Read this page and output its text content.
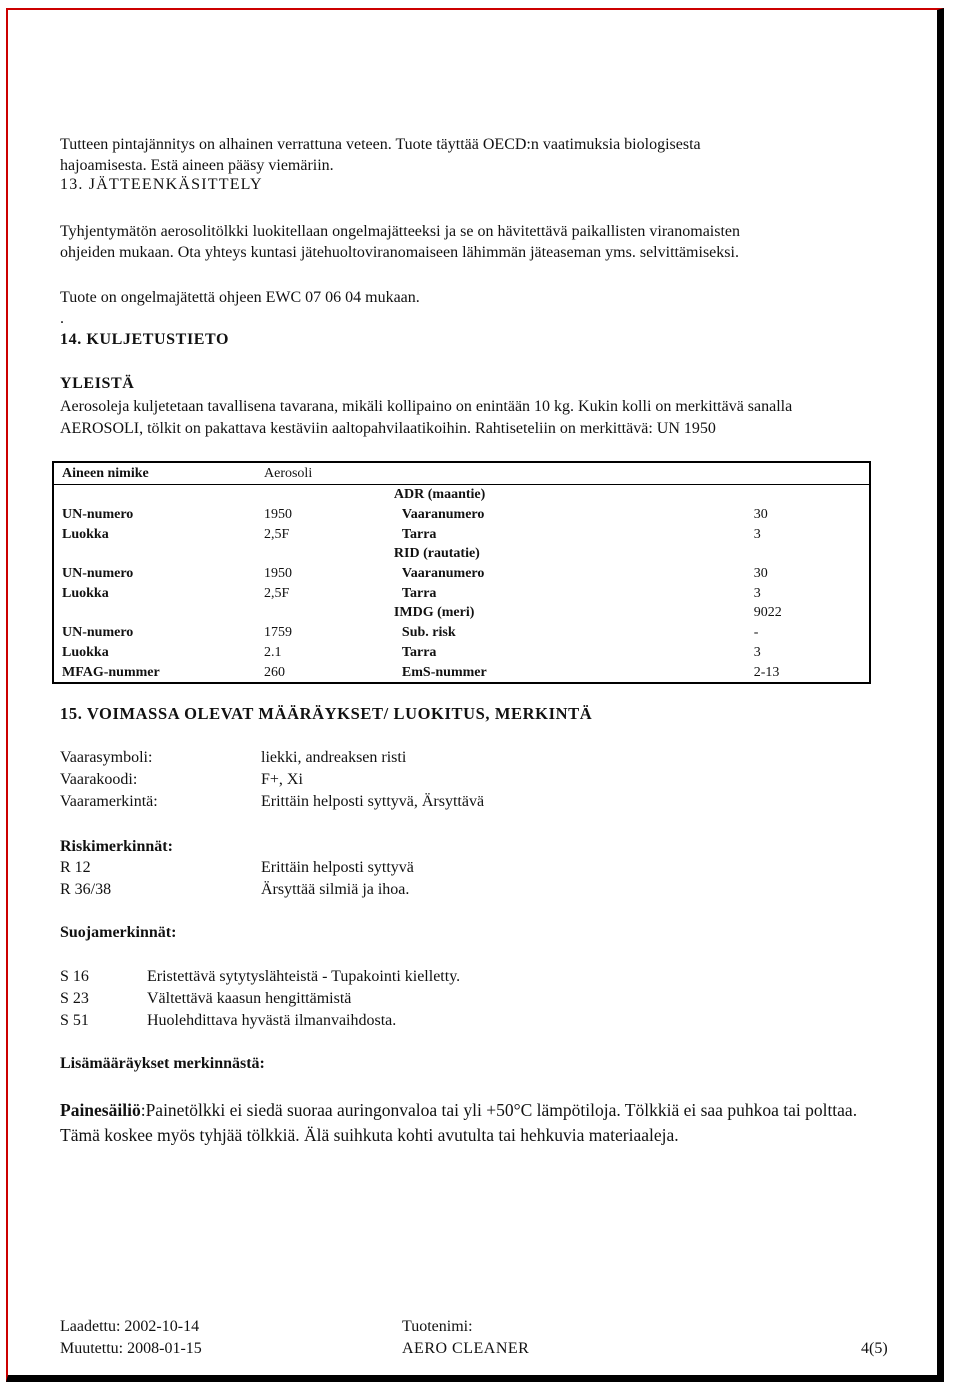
Tutteen pintajännitys on alhainen verrattuna veteen. Tuote täyttää OECD:n vaatimuksia biologisesta

hajoamisesta. Estä aineen pääsy viemäriin.

13. JÄTTEENKÄSITTELY

Tyhjentymätön aerosolitölkki luokitellaan ongelmajätteeksi ja se on hävitettävä paikallisten viranomaisten

ohjeiden mukaan. Ota yhteys kuntasi jätehuoltoviranomaiseen lähimmän jäteaseman yms. selvittämiseksi.

Tuote on ongelmajätettä ohjeen EWC 07 06 04 mukaan.

.

14. KULJETUSTIETO

YLEISTÄ

Aerosoleja kuljetetaan tavallisena tavarana, mikäli kollipaino on enintään 10 kg. Kukin kolli on merkittävä sanalla

AEROSOLI, tölkit on pakattava kestäviin aaltopahvilaatikoihin. Rahtiseteliin on merkittävä: UN 1950

Aineen nimike	Aerosoli		
		ADR (maantie)	
UN-numero	1950	Vaaranumero	30
Luokka	2,5F	Tarra	3
		RID (rautatie)	
UN-numero	1950	Vaaranumero	30
Luokka	2,5F	Tarra	3
		IMDG (meri)	9022
UN-numero	1759	Sub. risk	-
Luokka	2.1	Tarra	3
MFAG-nummer	260	EmS-nummer	2-13

15. VOIMASSA OLEVAT MÄÄRÄYKSET/ LUOKITUS, MERKINTÄ

Vaarasymboli:	liekki, andreaksen risti

Vaarakoodi:	F+, Xi

Vaaramerkintä:	Erittäin helposti syttyvä, Ärsyttävä

Riskimerkinnät:

R 12	Erittäin helposti syttyvä

R 36/38	Ärsyttää silmiä ja ihoa.

Suojamerkinnät:

S 16	Eristettävä sytytyslähteistä - Tupakointi kielletty.

S 23	Vältettävä kaasun hengittämistä

S 51	Huolehdittava hyvästä ilmanvaihdosta.

Lisämääräykset merkinnästä:

Painesäiliö:Painetölkki ei siedä suoraa auringonvaloa tai yli +50°C lämpötiloja. Tölkkiä ei saa puhkoa tai polttaa. Tämä koskee myös tyhjää tölkkiä. Älä suihkuta kohti avutulta tai hehkuvia materiaaleja.

Laadettu: 2002-10-14

Muutettu: 2008-01-15

Tuotenimi:

AERO CLEANER	4(5)
